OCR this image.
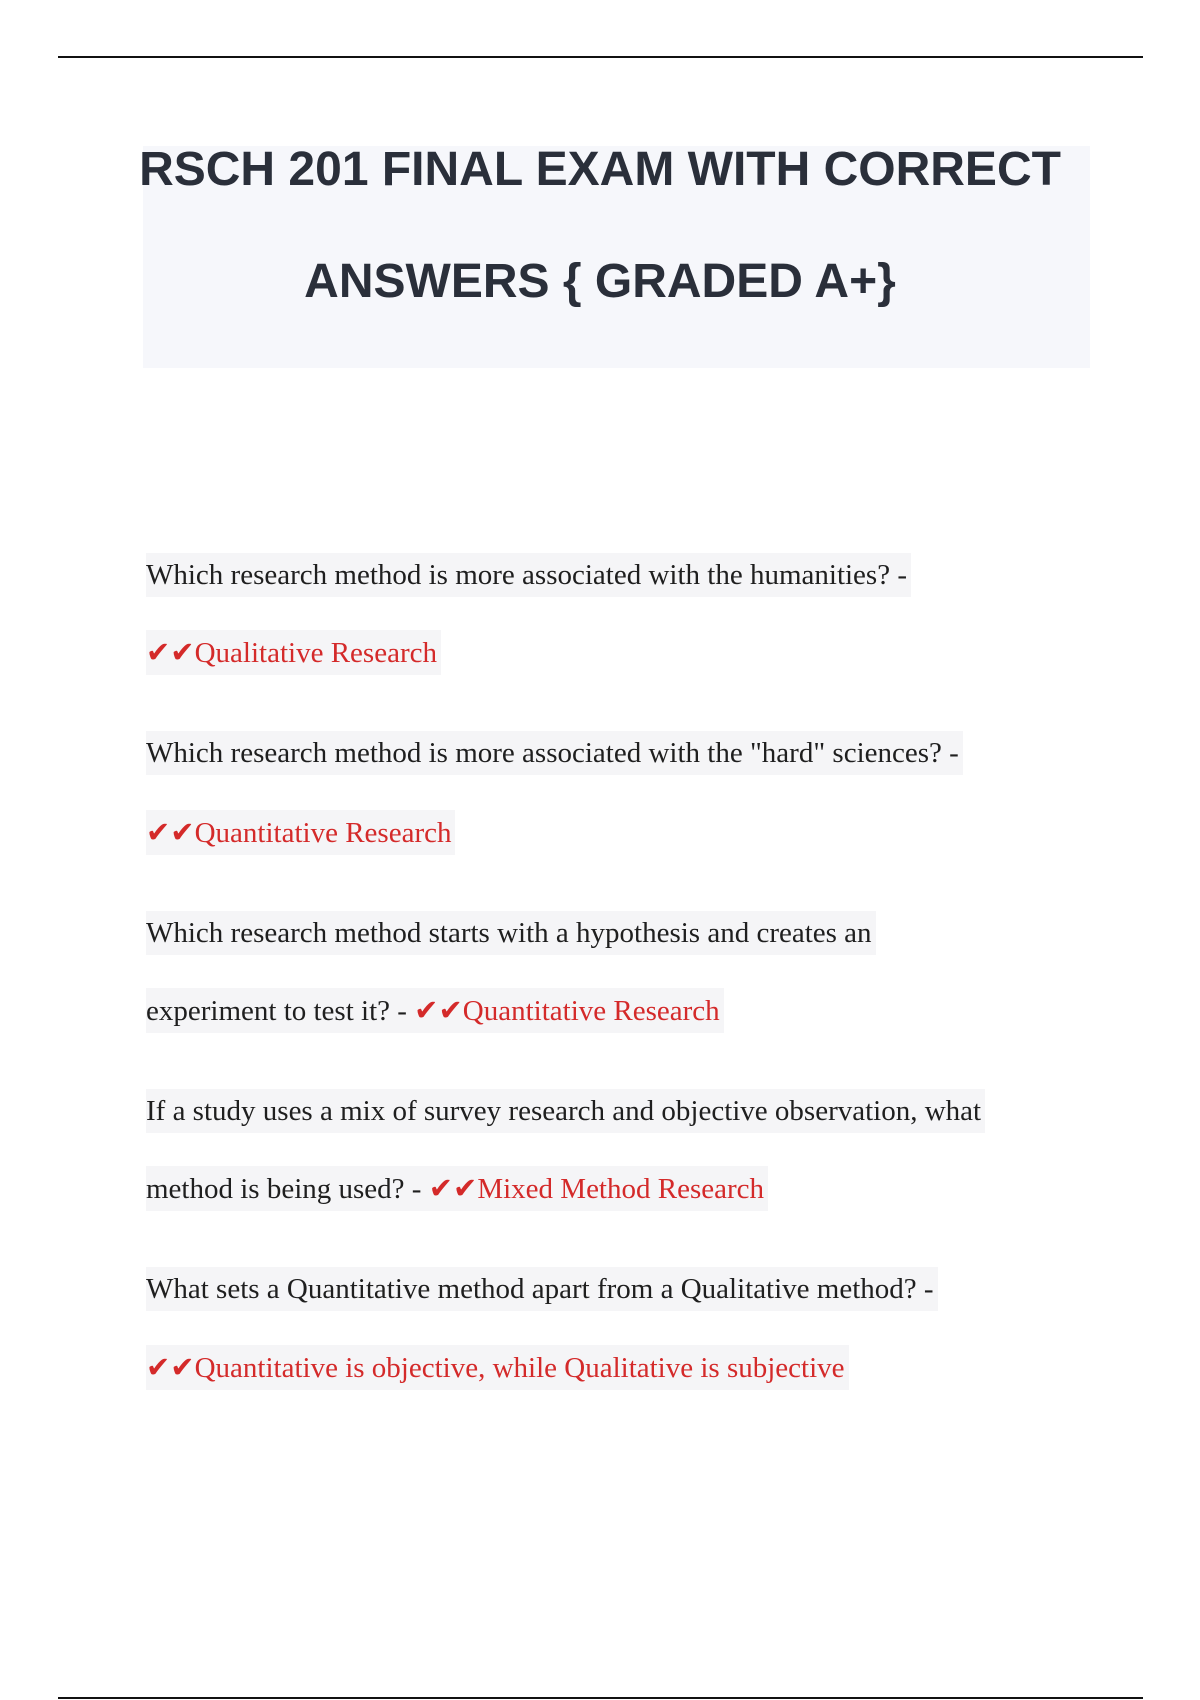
RSCH 201 FINAL EXAM WITH CORRECT
ANSWERS { GRADED A+}
Which research method is more associated with the humanities? -
✔✔Qualitative Research
Which research method is more associated with the "hard" sciences? -
✔✔Quantitative Research
Which research method starts with a hypothesis and creates an
experiment to test it? - ✔✔Quantitative Research
If a study uses a mix of survey research and objective observation, what
method is being used? - ✔✔Mixed Method Research
What sets a Quantitative method apart from a Qualitative method? -
✔✔Quantitative is objective, while Qualitative is subjective
